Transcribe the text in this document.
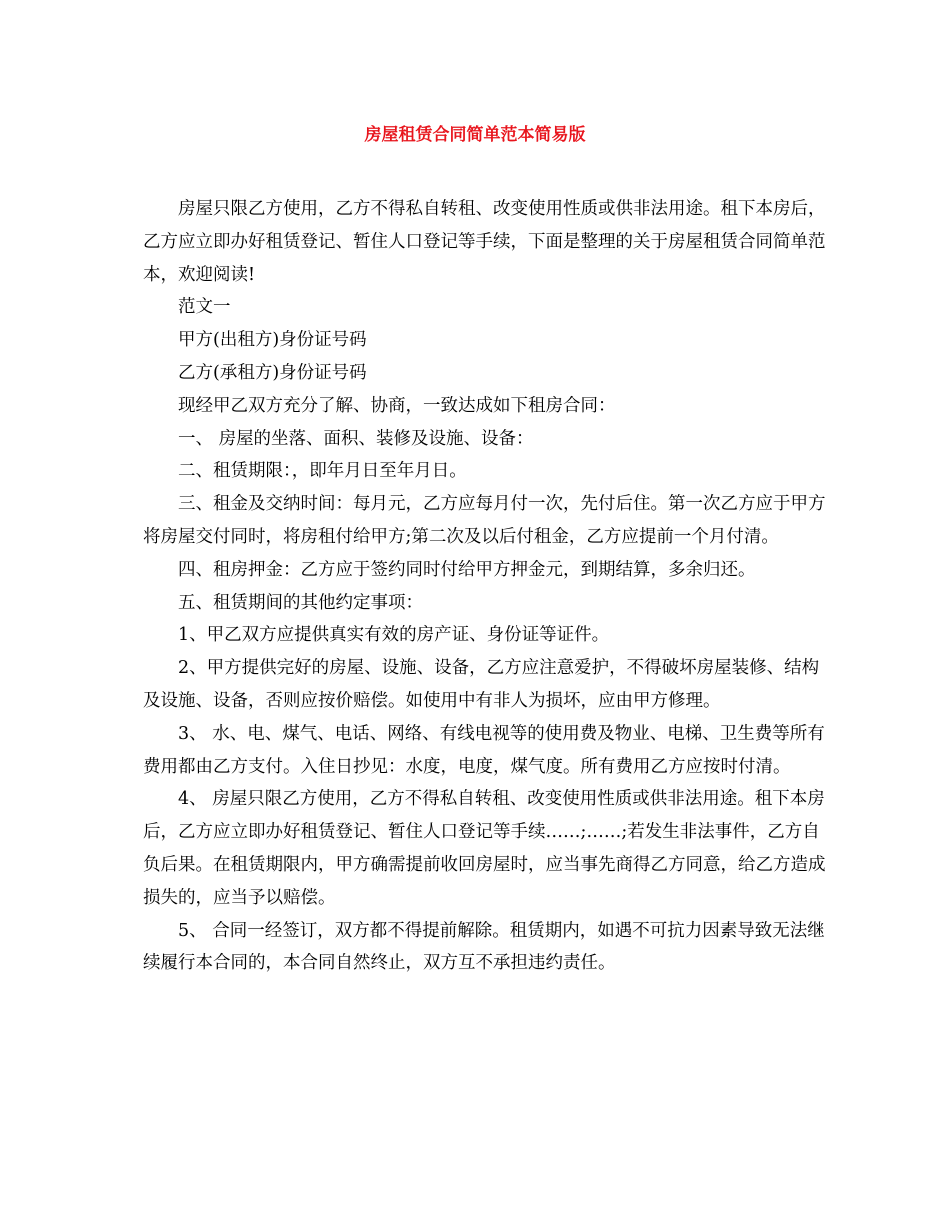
房屋租赁合同简单范本简易版

房屋只限乙方使用，乙方不得私自转租、改变使用性质或供非法用途。租下本房后，乙方应立即办好租赁登记、暂住人口登记等手续，下面是整理的关于房屋租赁合同简单范本，欢迎阅读!

范文一

甲方(出租方)身份证号码

乙方(承租方)身份证号码

现经甲乙双方充分了解、协商，一致达成如下租房合同：

一、 房屋的坐落、面积、装修及设施、设备：

二、租赁期限：，即年月日至年月日。

三、租金及交纳时间：每月元，乙方应每月付一次，先付后住。第一次乙方应于甲方将房屋交付同时，将房租付给甲方;第二次及以后付租金，乙方应提前一个月付清。

四、租房押金：乙方应于签约同时付给甲方押金元，到期结算，多余归还。

五、租赁期间的其他约定事项：

1、甲乙双方应提供真实有效的房产证、身份证等证件。

2、甲方提供完好的房屋、设施、设备，乙方应注意爱护，不得破坏房屋装修、结构及设施、设备，否则应按价赔偿。如使用中有非人为损坏，应由甲方修理。

3、 水、电、煤气、电话、网络、有线电视等的使用费及物业、电梯、卫生费等所有费用都由乙方支付。入住日抄见：水度，电度，煤气度。所有费用乙方应按时付清。

4、 房屋只限乙方使用，乙方不得私自转租、改变使用性质或供非法用途。租下本房后，乙方应立即办好租赁登记、暂住人口登记等手续……;……;若发生非法事件，乙方自负后果。在租赁期限内，甲方确需提前收回房屋时，应当事先商得乙方同意，给乙方造成损失的，应当予以赔偿。

5、 合同一经签订，双方都不得提前解除。租赁期内，如遇不可抗力因素导致无法继续履行本合同的，本合同自然终止，双方互不承担违约责任。
